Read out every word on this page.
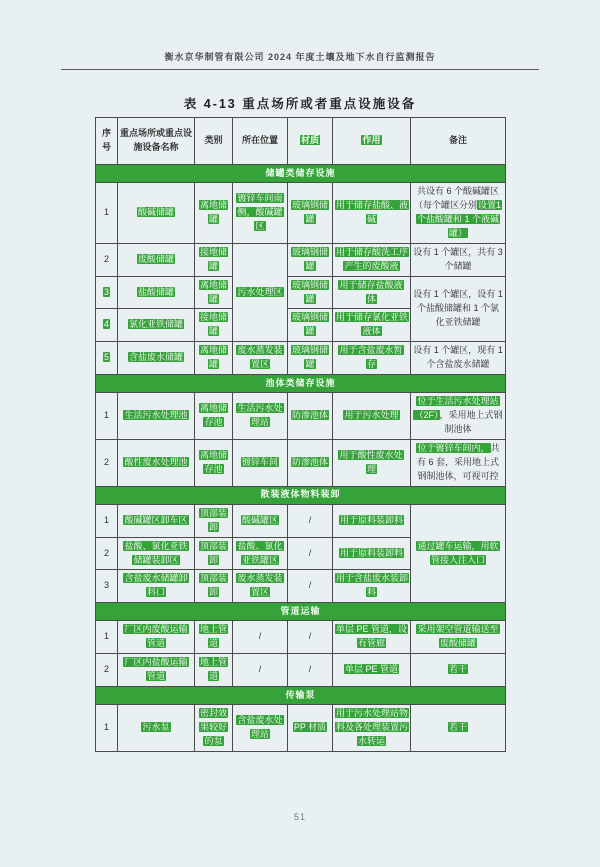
衡水京华制管有限公司 2024 年度土壤及地下水自行监测报告
表 4-13 重点场所或者重点设施设备
序号	重点场所或重点设施设备名称	类别	所在位置	材质	作用	备注
储罐类储存设施						
1	酸碱储罐	离地储罐	镀锌车间南侧，酸碱罐区	玻璃钢储罐	用于储存盐酸、液碱	共设有 6 个酸碱罐区（每个罐区分别设置1 个盐酸罐和 1 个液碱罐）
2	废酸储罐	接地储罐	污水处理区	玻璃钢储罐	用于储存酸洗工序产生的废酸液	设有 1 个罐区，共有 3 个储罐
3	盐酸储罐	离地储罐		玻璃钢储罐	用于储存盐酸液体	设有 1 个罐区，设有 1 个盐酸储罐和 1 个氯化亚铁储罐
4	氯化亚铁储罐	接地储罐		玻璃钢储罐	用于储存氯化亚铁液体	
5	含盐废水储罐	离地储罐	废水蒸发装置区	玻璃钢储罐	用于含盐废水暂存	设有 1 个罐区，现有 1 个含盐废水储罐
池体类储存设施						
1	生活污水处理池	离地储存池	生活污水处理站	防渗池体	用于污水处理	位于生活污水处理站（2F），采用地上式钢制池体
2	酸性废水处理池	离地储存池	镀锌车间	防渗池体	用于酸性废水处理	位于镀锌车间内，共有 6 套，采用地上式钢制池体，可视可控
散装液体物料装卸						
1	酸碱罐区卸车区	顶部装卸	酸碱罐区	/	用于原料装卸料	通过罐车运输，用软管接入注入口
2	盐酸、氯化亚铁储罐装卸区	顶部装卸	盐酸、氯化亚铁罐区	/	用于原料装卸料	
3	含盐废水储罐卸料口	顶部装卸	废水蒸发装置区	/	用于含盐废水装卸料	
管道运输						
1	厂区内废酸运输管道	地上管道	/	/	单层 PE 管道，设有管廊	采用架空管道输送至废酸储罐
2	厂区内盐酸运输管道	地上管道	/	/	单层 PE 管道	若干
传输泵						
1	污水泵	密封效果较好的泵	含盐废水处理站	PP 材质	用于污水处理站物料及各处理装置污水转运	若干
51
